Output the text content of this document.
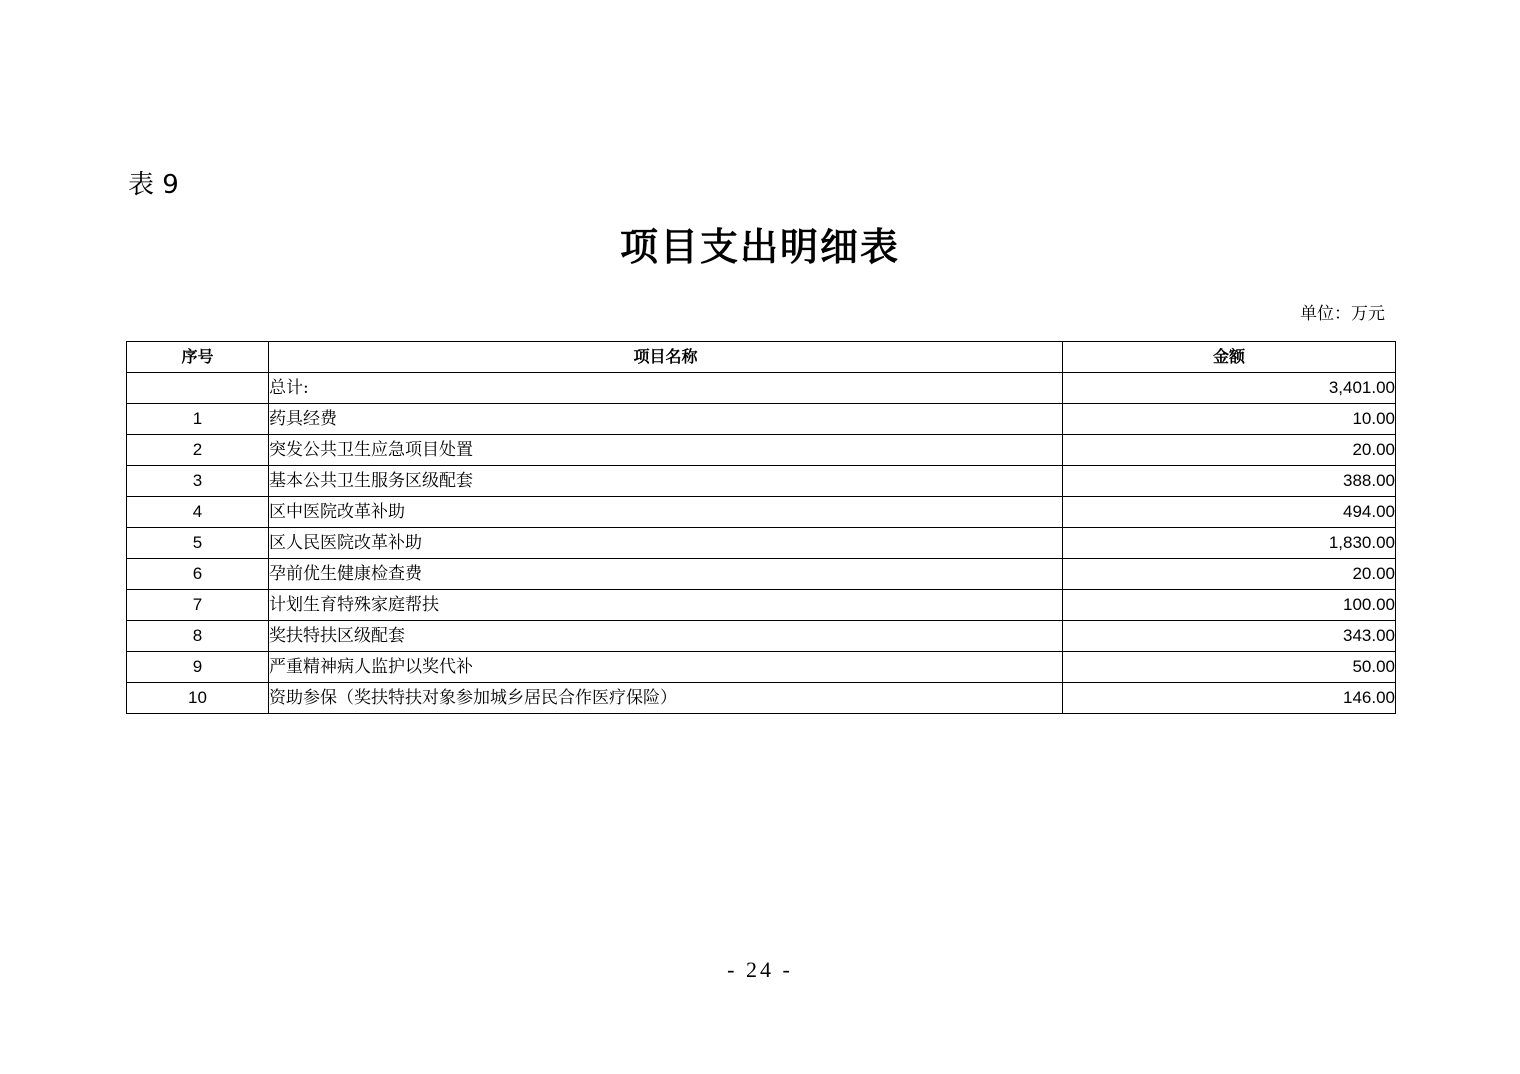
表 9
项目支出明细表
单位：万元
序号	项目名称	金额
	总计:	3,401.00
1	药具经费	10.00
2	突发公共卫生应急项目处置	20.00
3	基本公共卫生服务区级配套	388.00
4	区中医院改革补助	494.00
5	区人民医院改革补助	1,830.00
6	孕前优生健康检查费	20.00
7	计划生育特殊家庭帮扶	100.00
8	奖扶特扶区级配套	343.00
9	严重精神病人监护以奖代补	50.00
10	资助参保（奖扶特扶对象参加城乡居民合作医疗保险）	146.00
- 24 -
